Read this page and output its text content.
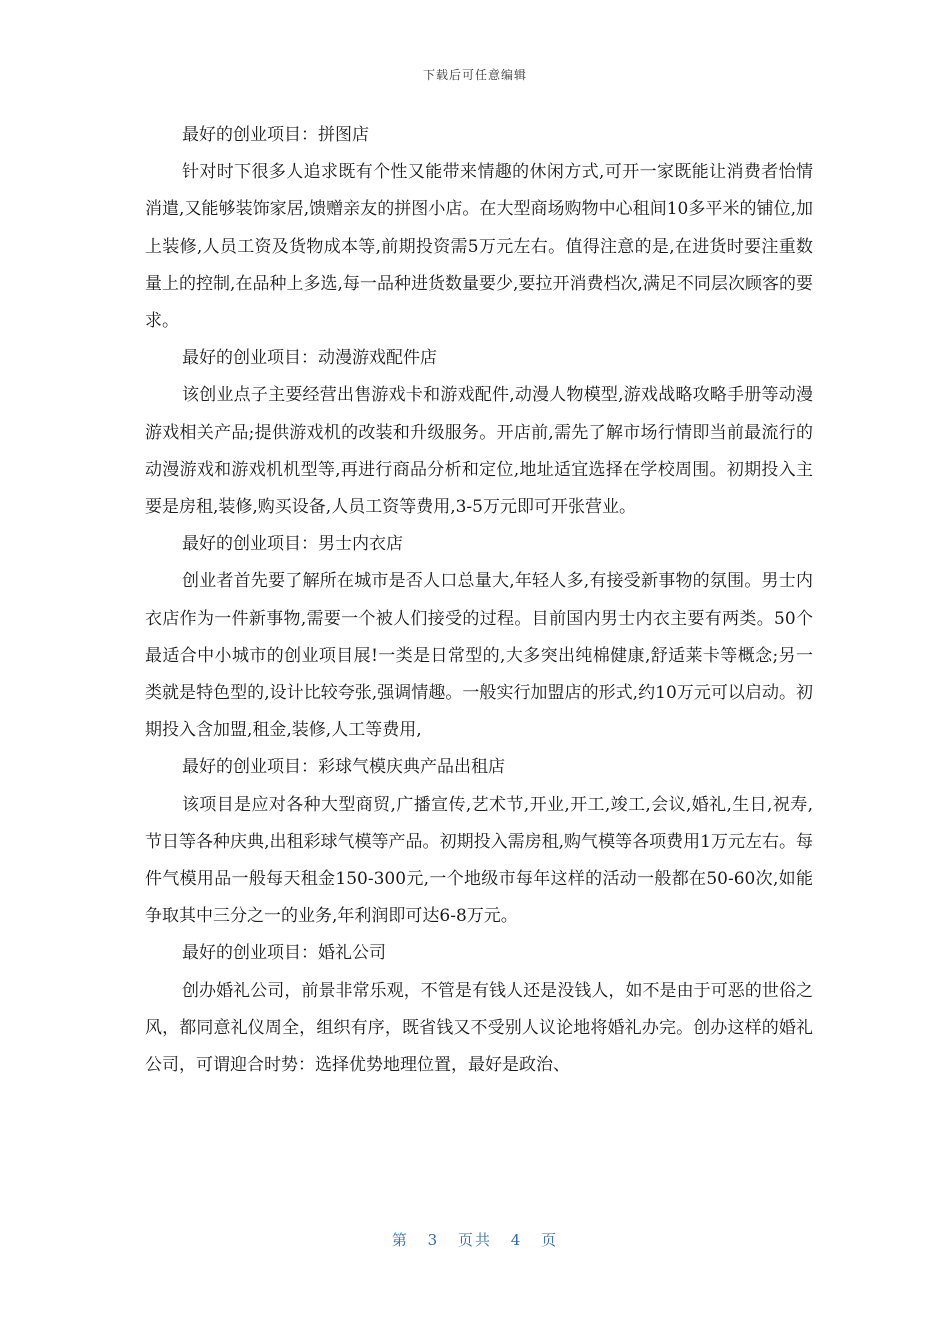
下载后可任意编辑

最好的创业项目：拼图店

针对时下很多人追求既有个性又能带来情趣的休闲方式,可开一家既能让消费者怡情消遣,又能够装饰家居,馈赠亲友的拼图小店。在大型商场购物中心租间10多平米的铺位,加上装修,人员工资及货物成本等,前期投资需5万元左右。值得注意的是,在进货时要注重数量上的控制,在品种上多选,每一品种进货数量要少,要拉开消费档次,满足不同层次顾客的要求。

最好的创业项目：动漫游戏配件店

该创业点子主要经营出售游戏卡和游戏配件,动漫人物模型,游戏战略攻略手册等动漫游戏相关产品;提供游戏机的改装和升级服务。开店前,需先了解市场行情即当前最流行的动漫游戏和游戏机机型等,再进行商品分析和定位,地址适宜选择在学校周围。初期投入主要是房租,装修,购买设备,人员工资等费用,3-5万元即可开张营业。

最好的创业项目：男士内衣店

创业者首先要了解所在城市是否人口总量大,年轻人多,有接受新事物的氛围。男士内衣店作为一件新事物,需要一个被人们接受的过程。目前国内男士内衣主要有两类。50个最适合中小城市的创业项目展!一类是日常型的,大多突出纯棉健康,舒适莱卡等概念;另一类就是特色型的,设计比较夸张,强调情趣。一般实行加盟店的形式,约10万元可以启动。初期投入含加盟,租金,装修,人工等费用,

最好的创业项目：彩球气模庆典产品出租店

该项目是应对各种大型商贸,广播宣传,艺术节,开业,开工,竣工,会议,婚礼,生日,祝寿,节日等各种庆典,出租彩球气模等产品。初期投入需房租,购气模等各项费用1万元左右。每件气模用品一般每天租金150-300元,一个地级市每年这样的活动一般都在50-60次,如能争取其中三分之一的业务,年利润即可达6-8万元。

最好的创业项目：婚礼公司

创办婚礼公司，前景非常乐观，不管是有钱人还是没钱人，如不是由于可恶的世俗之风，都同意礼仪周全，组织有序，既省钱又不受别人议论地将婚礼办完。创办这样的婚礼公司，可谓迎合时势：选择优势地理位置，最好是政治、

第 3 页共 4 页
